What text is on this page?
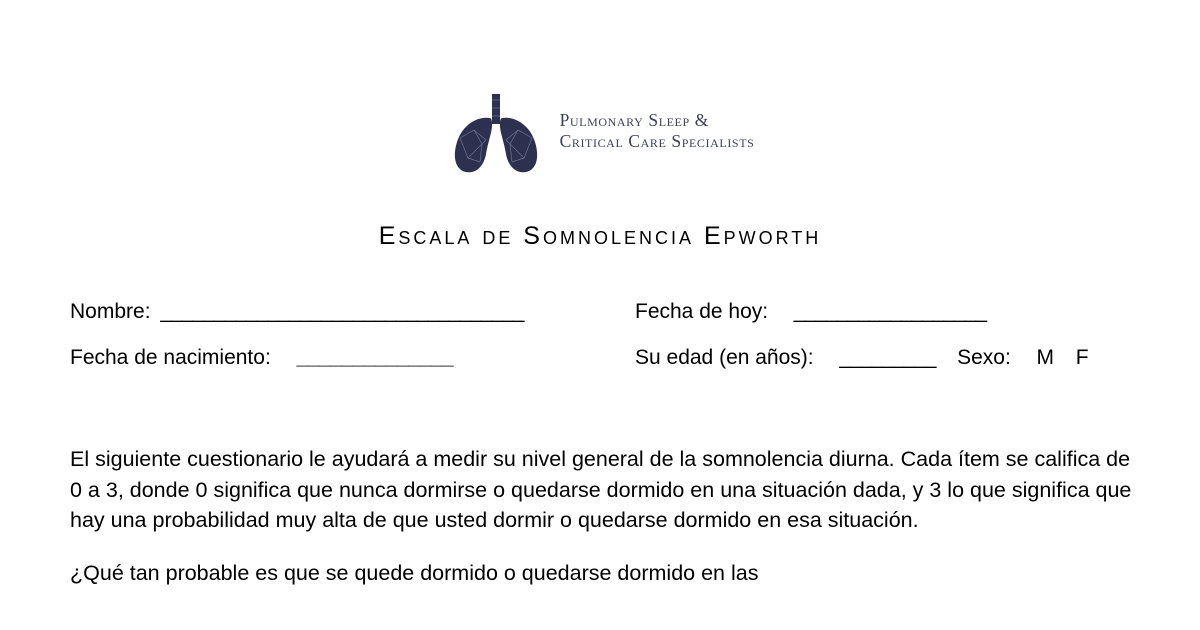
Pulmonary Sleep &
Critical Care Specialists
Escala de Somnolencia Epworth
Nombre: __________________________________	Fecha de hoy: __________________
Fecha de nacimiento: ______________	Su edad (en años): _________ Sexo: M F

El siguiente cuestionario le ayudará a medir su nivel general de la somnolencia diurna. Cada ítem se califica de 0 a 3, donde 0 significa que nunca dormirse o quedarse dormido en una situación dada, y 3 lo que significa que hay una probabilidad muy alta de que usted dormir o quedarse dormido en esa situación.

¿Qué tan probable es que se quede dormido o quedarse dormido en las
